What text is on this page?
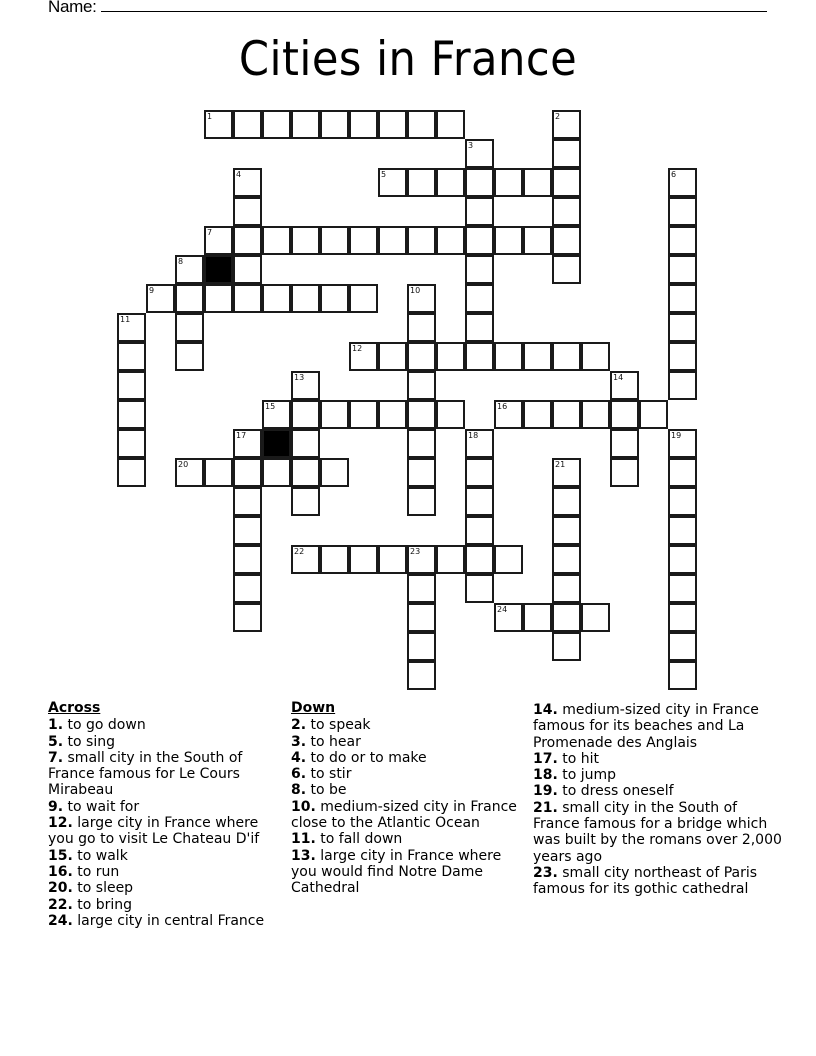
Name:
Cities in France
1	2
3
4	5	6
7
8
9	10
11
12
13	14
15	16
17	18	19
20	21
22	23
24
Across
1. to go down
5. to sing
7. small city in the South of France famous for Le Cours Mirabeau
9. to wait for
12. large city in France where you go to visit Le Chateau D'if
15. to walk
16. to run
20. to sleep
22. to bring
24. large city in central France
Down
2. to speak
3. to hear
4. to do or to make
6. to stir
8. to be
10. medium-sized city in France close to the Atlantic Ocean
11. to fall down
13. large city in France where you would find Notre Dame Cathedral
14. medium-sized city in France famous for its beaches and La Promenade des Anglais
17. to hit
18. to jump
19. to dress oneself
21. small city in the South of France famous for a bridge which was built by the romans over 2,000 years ago
23. small city northeast of Paris famous for its gothic cathedral
